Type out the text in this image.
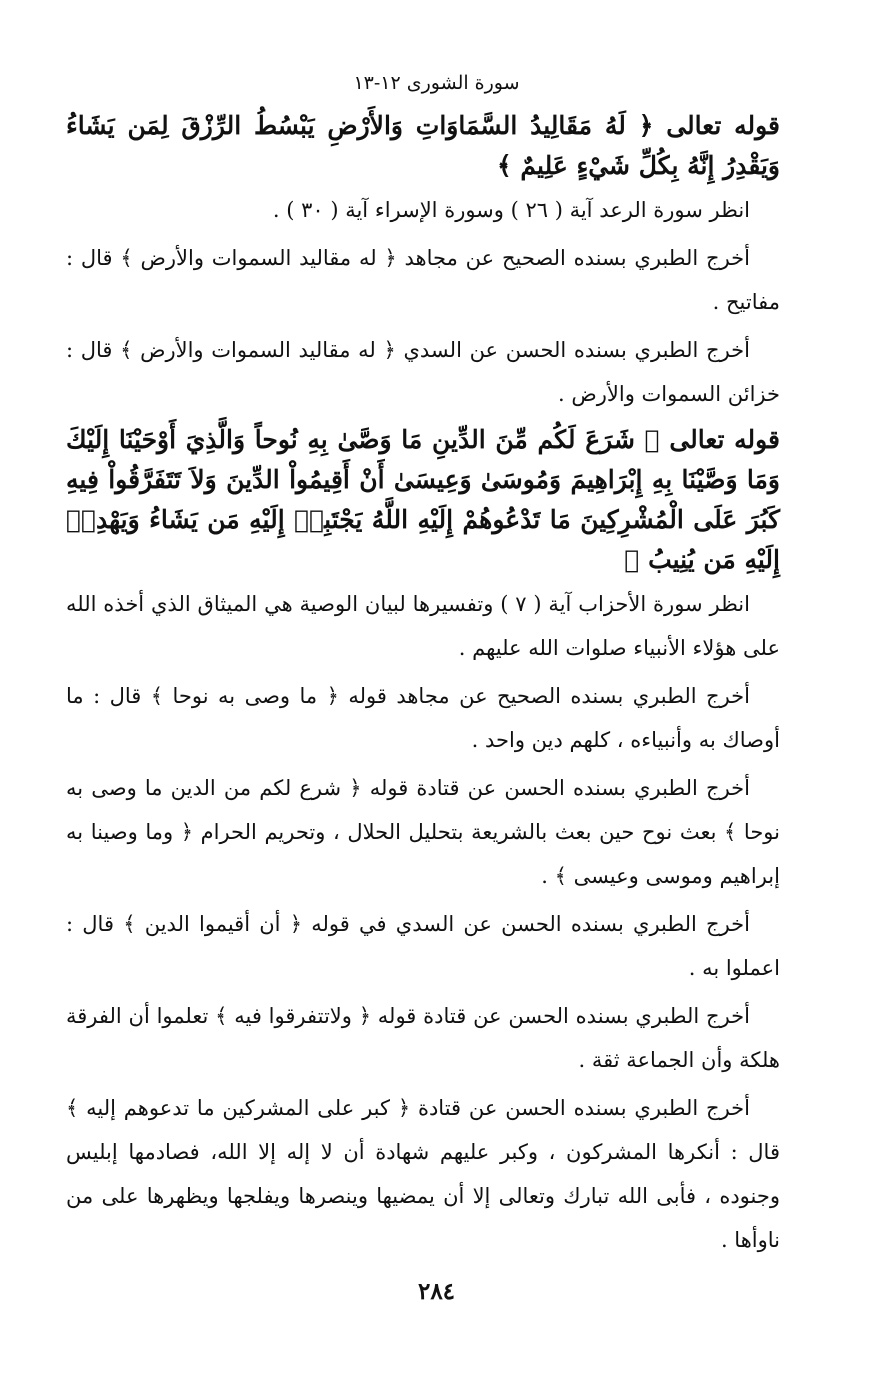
سورة الشورى ١٢-١٣
قوله تعالى ﴿ لَهُ مَقَالِيدُ السَّمَاوَاتِ وَالأَرْضِ يَبْسُطُ الرِّزْقَ لِمَن يَشَاءُ وَيَقْدِرُ إِنَّهُ بِكُلِّ شَيْءٍ عَلِيمٌ ﴾

انظر سورة الرعد آية ( ٢٦ ) وسورة الإسراء آية ( ٣٠ ) .

أخرج الطبري بسنده الصحيح عن مجاهد ﴿ له مقاليد السموات والأرض ﴾ قال : مفاتيح .

أخرج الطبري بسنده الحسن عن السدي ﴿ له مقاليد السموات والأرض ﴾ قال : خزائن السموات والأرض .

قوله تعالى ﴿ شَرَعَ لَكُم مِّنَ الدِّينِ مَا وَصَّىٰ بِهِ نُوحاً وَالَّذِيَ أَوْحَيْنَا إِلَيْكَ وَمَا وَصَّيْنَا بِهِ إِبْرَاهِيمَ وَمُوسَىٰ وَعِيسَىٰ أَنْ أَقِيمُواْ الدِّينَ وَلاَ تَتَفَرَّقُواْ فِيهِ كَبُرَ عَلَى الْمُشْرِكِينَ مَا تَدْعُوهُمْ إِلَيْهِ اللَّهُ يَجْتَبِيۤ إِلَيْهِ مَن يَشَاءُ وَيَهْدِيۤ إِلَيْهِ مَن يُنِيبُ ﴾

انظر سورة الأحزاب آية ( ٧ ) وتفسيرها لبيان الوصية هي الميثاق الذي أخذه الله على هؤلاء الأنبياء صلوات الله عليهم .

أخرج الطبري بسنده الصحيح عن مجاهد قوله ﴿ ما وصى به نوحا ﴾ قال : ما أوصاك به وأنبياءه ، كلهم دين واحد .

أخرج الطبري بسنده الحسن عن قتادة قوله ﴿ شرع لكم من الدين ما وصى به نوحا ﴾ بعث نوح حين بعث بالشريعة بتحليل الحلال ، وتحريم الحرام ﴿ وما وصينا به إبراهيم وموسى وعيسى ﴾ .

أخرج الطبري بسنده الحسن عن السدي في قوله ﴿ أن أقيموا الدين ﴾ قال : اعملوا به .

أخرج الطبري بسنده الحسن عن قتادة قوله ﴿ ولاتتفرقوا فيه ﴾ تعلموا أن الفرقة هلكة وأن الجماعة ثقة .

أخرج الطبري بسنده الحسن عن قتادة ﴿ كبر على المشركين ما تدعوهم إليه ﴾ قال : أنكرها المشركون ، وكبر عليهم شهادة أن لا إله إلا الله، فصادمها إبليس وجنوده ، فأبى الله تبارك وتعالى إلا أن يمضيها وينصرها ويفلجها ويظهرها على من ناوأها .

٢٨٤
